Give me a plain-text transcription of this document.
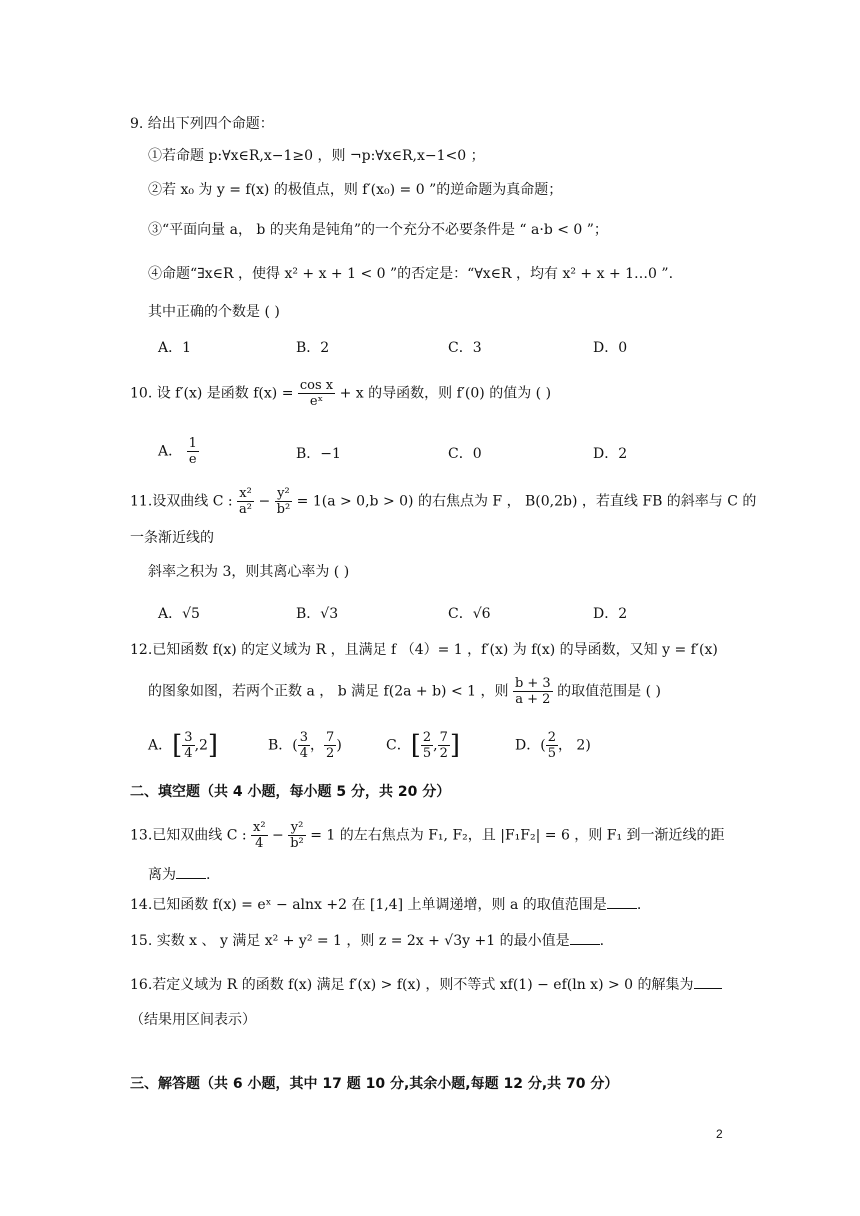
9. 给出下列四个命题：
①若命题 p:∀x∈R,x−1≥0 ，则 ¬p:∀x∈R,x−1<0 ；
②若 x₀ 为 y = f(x) 的极值点，则 f′(x₀) = 0 ”的逆命题为真命题；
③“平面向量 a， b 的夹角是钝角”的一个充分不必要条件是 “ a·b < 0 ”；
④命题“∃x∈R ，使得 x² + x + 1 < 0 ”的否定是：“∀x∈R ，均有 x² + x + 1…0 ”.
其中正确的个数是 ( )
A．1	B．2	C．3	D．0
10. 设 f′(x) 是函数 $f(x) = \frac{\text{cos x}}{\text{eˣ}} + x$ 的导函数，则 f′(0) 的值为 ( )
A． $\frac{1}{e}$	B．−1	C．0	D．2
11.设双曲线 C : $\frac{\text{x²}}{\text{a²}} - \frac{\text{y²}}{\text{b²}} = 1(a > 0,b > 0)$ 的右焦点为 F ， B(0,2b) ，若直线 FB 的斜率与 C 的
一条渐近线的
斜率之积为 3，则其离心率为 ( )
A．√5	B．√3	C．√6	D．2
12.已知函数 f(x) 的定义域为 R ，且满足 f （4）= 1 ，f′(x) 为 f(x) 的导函数，又知 y = f′(x)
的图象如图，若两个正数 a ， b 满足 f(2a + b) < 1 ，则 $\frac{b + 3}{a + 2}$ 的取值范围是 ( )
A．[ $\frac{3}{4} ,2$]	B．( $\frac{3}{4}$ ， $\frac{7}{2}$ )	C．[ $\frac{2}{5}$ , $\frac{7}{2}$ ]	D．( $\frac{2}{5}$ ， 2)
二、填空题（共 4 小题，每小题 5 分，共 20 分）
13.已知双曲线 C : $\frac{\text{x²}}{4} - \frac{\text{y²}}{\text{b²}} = 1$ 的左右焦点为 F₁, F₂，且 |F₁F₂| = 6 ，则 F₁ 到一渐近线的距
离为 .
14.已知函数 f(x) = eˣ − alnx +2 在 [1,4] 上单调递增，则 a 的取值范围是 .
15. 实数 x 、 y 满足 x² + y² = 1 ，则 z = 2x + √3y +1 的最小值是 .
16.若定义域为 R 的函数 f(x) 满足 f′(x) > f(x) ，则不等式 xf(1) − ef(ln x) > 0 的解集为
（结果用区间表示）
三、解答题（共 6 小题，其中 17 题 10 分,其余小题,每题 12 分,共 70 分）
2
